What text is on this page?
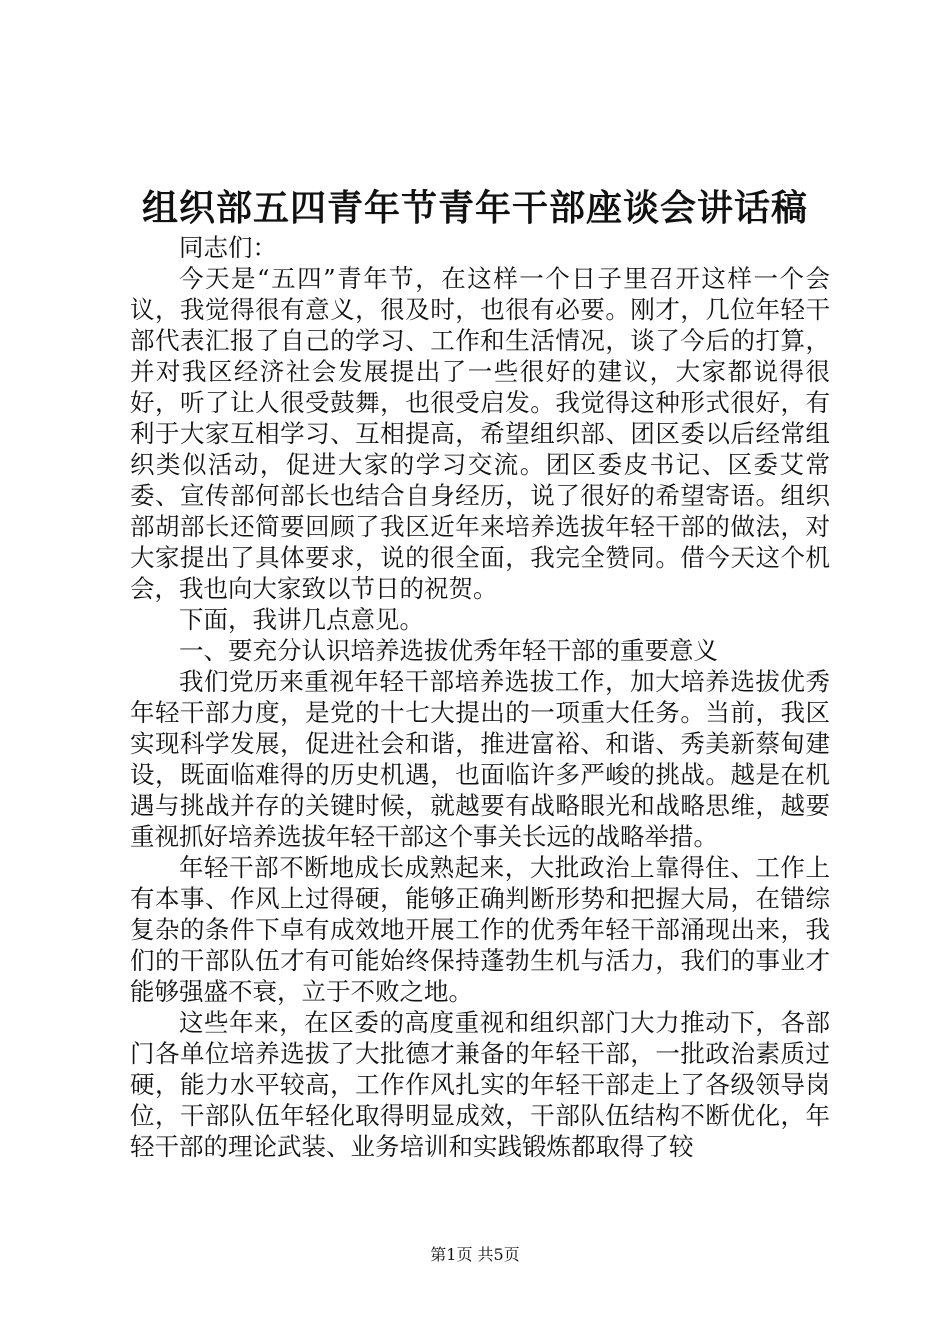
组织部五四青年节青年干部座谈会讲话稿

同志们：

今天是“五四”青年节，在这样一个日子里召开这样一个会议，我觉得很有意义，很及时，也很有必要。刚才，几位年轻干部代表汇报了自己的学习、工作和生活情况，谈了今后的打算，并对我区经济社会发展提出了一些很好的建议，大家都说得很好，听了让人很受鼓舞，也很受启发。我觉得这种形式很好，有利于大家互相学习、互相提高，希望组织部、团区委以后经常组织类似活动，促进大家的学习交流。团区委皮书记、区委艾常委、宣传部何部长也结合自身经历，说了很好的希望寄语。组织部胡部长还简要回顾了我区近年来培养选拔年轻干部的做法，对大家提出了具体要求，说的很全面，我完全赞同。借今天这个机会，我也向大家致以节日的祝贺。

下面，我讲几点意见。

一、要充分认识培养选拔优秀年轻干部的重要意义

我们党历来重视年轻干部培养选拔工作，加大培养选拔优秀年轻干部力度，是党的十七大提出的一项重大任务。当前，我区实现科学发展，促进社会和谐，推进富裕、和谐、秀美新蔡甸建设，既面临难得的历史机遇，也面临许多严峻的挑战。越是在机遇与挑战并存的关键时候，就越要有战略眼光和战略思维，越要重视抓好培养选拔年轻干部这个事关长远的战略举措。

年轻干部不断地成长成熟起来，大批政治上靠得住、工作上有本事、作风上过得硬，能够正确判断形势和把握大局，在错综复杂的条件下卓有成效地开展工作的优秀年轻干部涌现出来，我们的干部队伍才有可能始终保持蓬勃生机与活力，我们的事业才能够强盛不衰，立于不败之地。

这些年来，在区委的高度重视和组织部门大力推动下，各部门各单位培养选拔了大批德才兼备的年轻干部，一批政治素质过硬，能力水平较高，工作作风扎实的年轻干部走上了各级领导岗位，干部队伍年轻化取得明显成效，干部队伍结构不断优化，年轻干部的理论武装、业务培训和实践锻炼都取得了较

第1页 共5页
